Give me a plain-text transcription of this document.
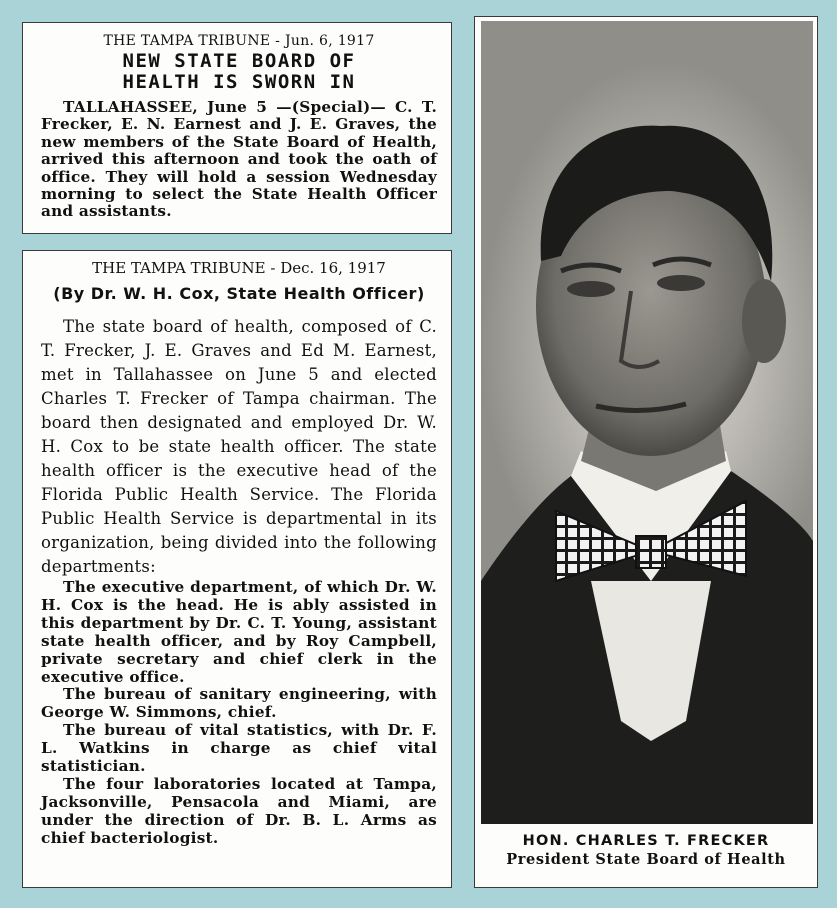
THE TAMPA TRIBUNE - Jun. 6, 1917

NEW STATE BOARD OF
HEALTH IS SWORN IN

TALLAHASSEE, June 5 —(Special)— C. T. Frecker, E. N. Earnest and J. E. Graves, the new members of the State Board of Health, arrived this afternoon and took the oath of office. They will hold a session Wednesday morning to select the State Health Officer and assistants.

THE TAMPA TRIBUNE - Dec. 16, 1917

(By Dr. W. H. Cox, State Health Officer)

The state board of health, composed of C. T. Frecker, J. E. Graves and Ed M. Earnest, met in Tallahassee on June 5 and elected Charles T. Frecker of Tampa chairman. The board then designated and employed Dr. W. H. Cox to be state health officer. The state health officer is the executive head of the Florida Public Health Service. The Florida Public Health Service is departmental in its organization, being divided into the following departments:

The executive department, of which Dr. W. H. Cox is the head. He is ably assisted in this department by Dr. C. T. Young, assistant state health officer, and by Roy Campbell, private secretary and chief clerk in the executive office.

The bureau of sanitary engineering, with George W. Simmons, chief.

The bureau of vital statistics, with Dr. F. L. Watkins in charge as chief vital statistician.

The four laboratories located at Tampa, Jacksonville, Pensacola and Miami, are under the direction of Dr. B. L. Arms as chief bacteriologist.	HON. CHARLES T. FRECKER

President State Board of Health
